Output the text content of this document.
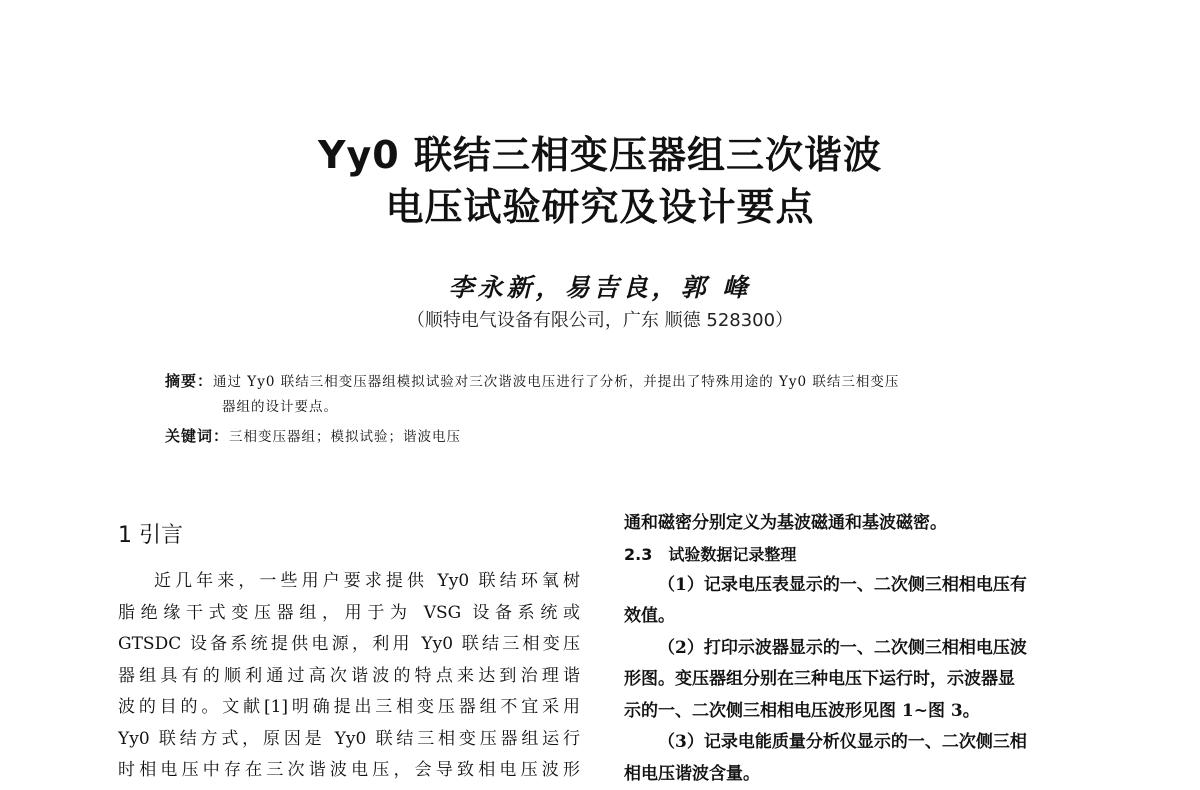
Yy0 联结三相变压器组三次谐波
电压试验研究及设计要点
李永新，易吉良，郭 峰
（顺特电气设备有限公司，广东 顺德 528300）
摘要：通过 Yy0 联结三相变压器组模拟试验对三次谐波电压进行了分析，并提出了特殊用途的 Yy0 联结三相变压
器组的设计要点。
关键词：三相变压器组；模拟试验；谐波电压
1 引言

近几年来，一些用户要求提供 Yy0 联结环氧树

脂绝缘干式变压器组，用于为 VSG 设备系统或

GTSDC 设备系统提供电源，利用 Yy0 联结三相变压

器组具有的顺利通过高次谐波的特点来达到治理谐

波的目的。文献[1]明确提出三相变压器组不宜采用

Yy0 联结方式，原因是 Yy0 联结三相变压器组运行

时相电压中存在三次谐波电压，会导致相电压波形

通和磁密分别定义为基波磁通和基波磁密。

2.3　试验数据记录整理

（1）记录电压表显示的一、二次侧三相相电压有

效值。

（2）打印示波器显示的一、二次侧三相相电压波

形图。变压器组分别在三种电压下运行时，示波器显

示的一、二次侧三相相电压波形见图 1~图 3。

（3）记录电能质量分析仪显示的一、二次侧三相

相电压谐波含量。
